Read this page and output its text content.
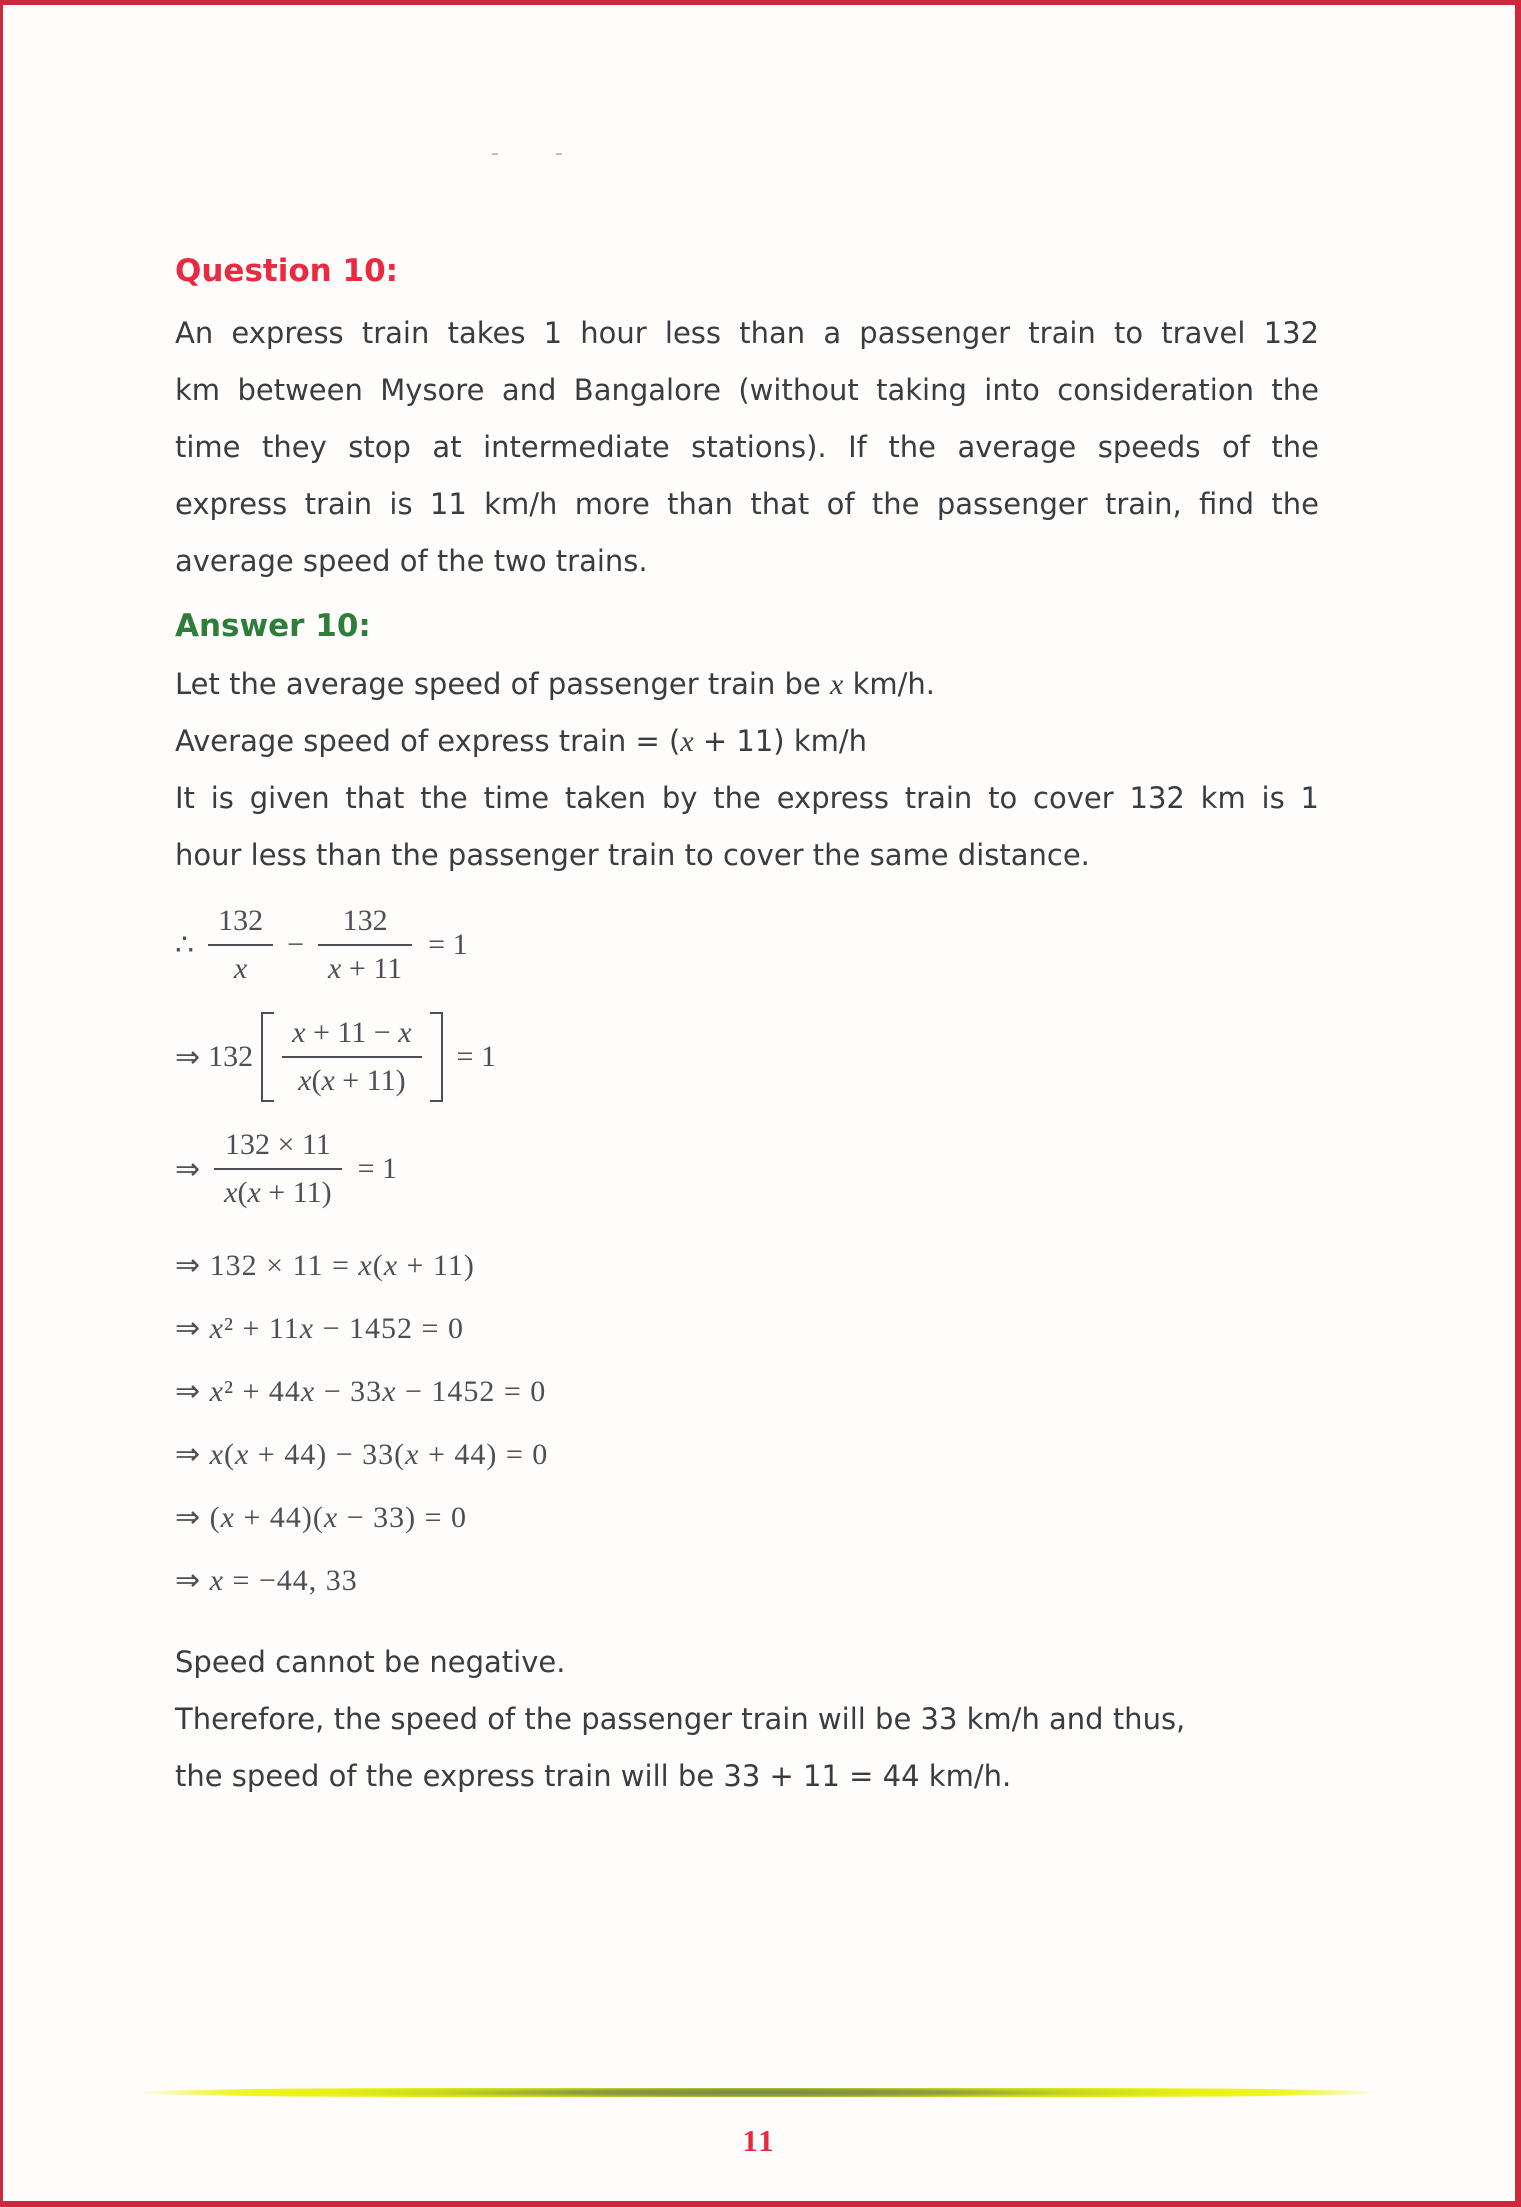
-  -
Question 10:
An express train takes 1 hour less than a passenger train to travel 132
km between Mysore and Bangalore (without taking into consideration the
time they stop at intermediate stations). If the average speeds of the
express train is 11 km/h more than that of the passenger train, find the
average speed of the two trains.
Answer 10:
Let the average speed of passenger train be x km/h.
Average speed of express train = (x + 11) km/h
It is given that the time taken by the express train to cover 132 km is 1
hour less than the passenger train to cover the same distance.
∴ $\frac{132}{x} - \frac{132}{x + 11} = 1$
⇒ $132 \frac{x + 11 - x}{x(x + 11)} = 1$
⇒ $\frac{132 \times 11}{x(x + 11)} = 1$
⇒ 132 × 11 = x(x + 11)
⇒ x² + 11x − 1452 = 0
⇒ x² + 44x − 33x − 1452 = 0
⇒ x(x + 44) − 33(x + 44) = 0
⇒ (x + 44)(x − 33) = 0
⇒ x = −44, 33
Speed cannot be negative.
Therefore, the speed of the passenger train will be 33 km/h and thus,
the speed of the express train will be 33 + 11 = 44 km/h.
11
